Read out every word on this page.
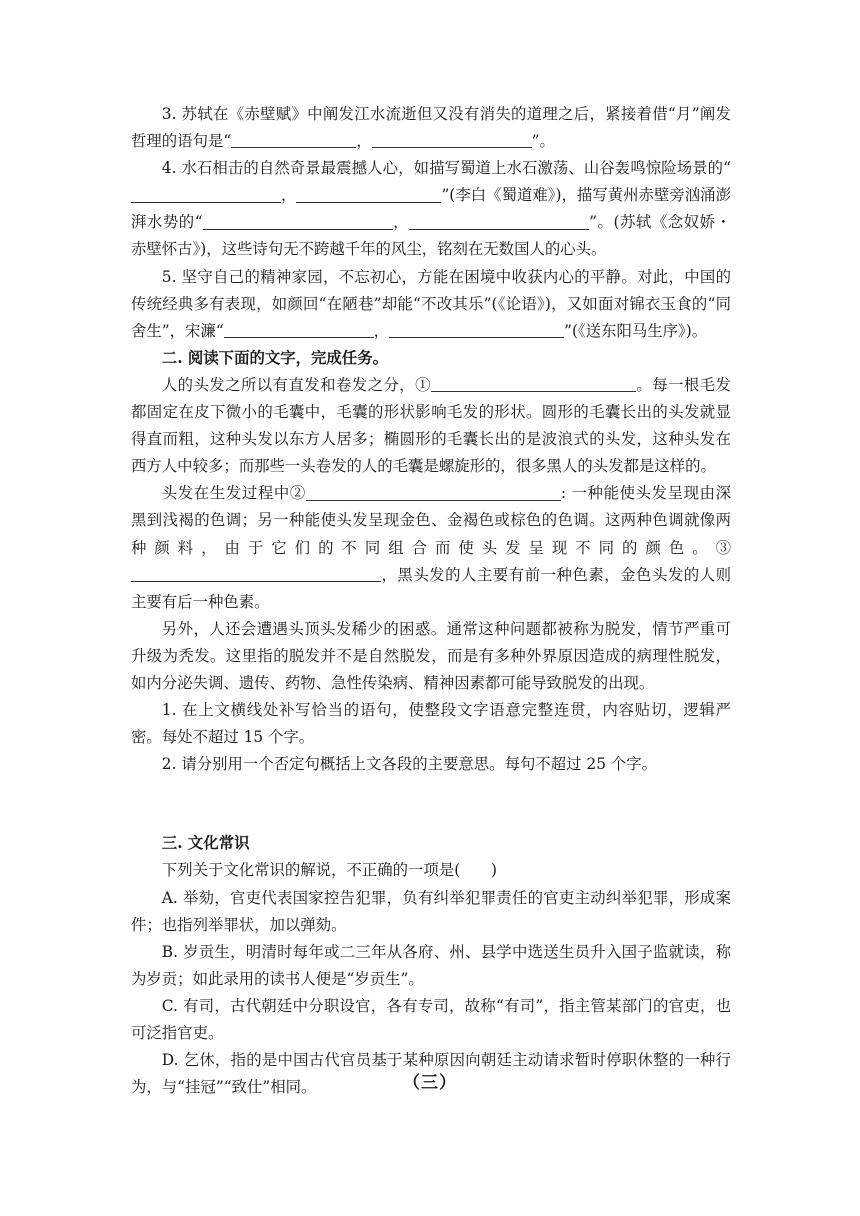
3. 苏轼在《赤壁赋》中阐发江水流逝但又没有消失的道理之后，紧接着借“月”阐发哲理的语句是“	，	”。

4. 水石相击的自然奇景最震撼人心，如描写蜀道上水石激荡、山谷轰鸣惊险场景的“，	”(李白《蜀道难》)，描写黄州赤壁旁汹涌澎湃水势的“	，	”。(苏轼《念奴娇・赤壁怀古》)，这些诗句无不跨越千年的风尘，铭刻在无数国人的心头。

5. 坚守自己的精神家园，不忘初心，方能在困境中收获内心的平静。对此，中国的传统经典多有表现，如颜回“在陋巷”却能“不改其乐”(《论语》)，又如面对锦衣玉食的“同舍生”，宋濂“	，	”(《送东阳马生序》)。

二. 阅读下面的文字，完成任务。

人的头发之所以有直发和卷发之分，①	。每一根毛发都固定在皮下微小的毛囊中，毛囊的形状影响毛发的形状。圆形的毛囊长出的头发就显得直而粗，这种头发以东方人居多；椭圆形的毛囊长出的是波浪式的头发，这种头发在西方人中较多；而那些一头卷发的人的毛囊是螺旋形的，很多黑人的头发都是这样的。

头发在生发过程中②	: 一种能使头发呈现由深黑到浅褐的色调；另一种能使头发呈现金色、金褐色或棕色的色调。这两种色调就像两种颜料，由于它们的不同组合而使头发呈现不同的颜色。③，黑头发的人主要有前一种色素，金色头发的人则主要有后一种色素。

另外，人还会遭遇头顶头发稀少的困惑。通常这种问题都被称为脱发，情节严重可升级为秃发。这里指的脱发并不是自然脱发，而是有多种外界原因造成的病理性脱发，如内分泌失调、遗传、药物、急性传染病、精神因素都可能导致脱发的出现。

1. 在上文横线处补写恰当的语句，使整段文字语意完整连贯，内容贴切，逻辑严密。每处不超过 15 个字。

2. 请分别用一个否定句概括上文各段的主要意思。每句不超过 25 个字。

三. 文化常识

下列关于文化常识的解说，不正确的一项是(　　)

A. 举劾，官吏代表国家控告犯罪，负有纠举犯罪责任的官吏主动纠举犯罪，形成案件；也指列举罪状，加以弹劾。

B. 岁贡生，明清时每年或二三年从各府、州、县学中选送生员升入国子监就读，称为岁贡；如此录用的读书人便是“岁贡生”。

C. 有司，古代朝廷中分职设官，各有专司，故称“有司”，指主管某部门的官吏，也可泛指官吏。

D. 乞休，指的是中国古代官员基于某种原因向朝廷主动请求暂时停职休整的一种行为，与“挂冠”“致仕”相同。	（三）
